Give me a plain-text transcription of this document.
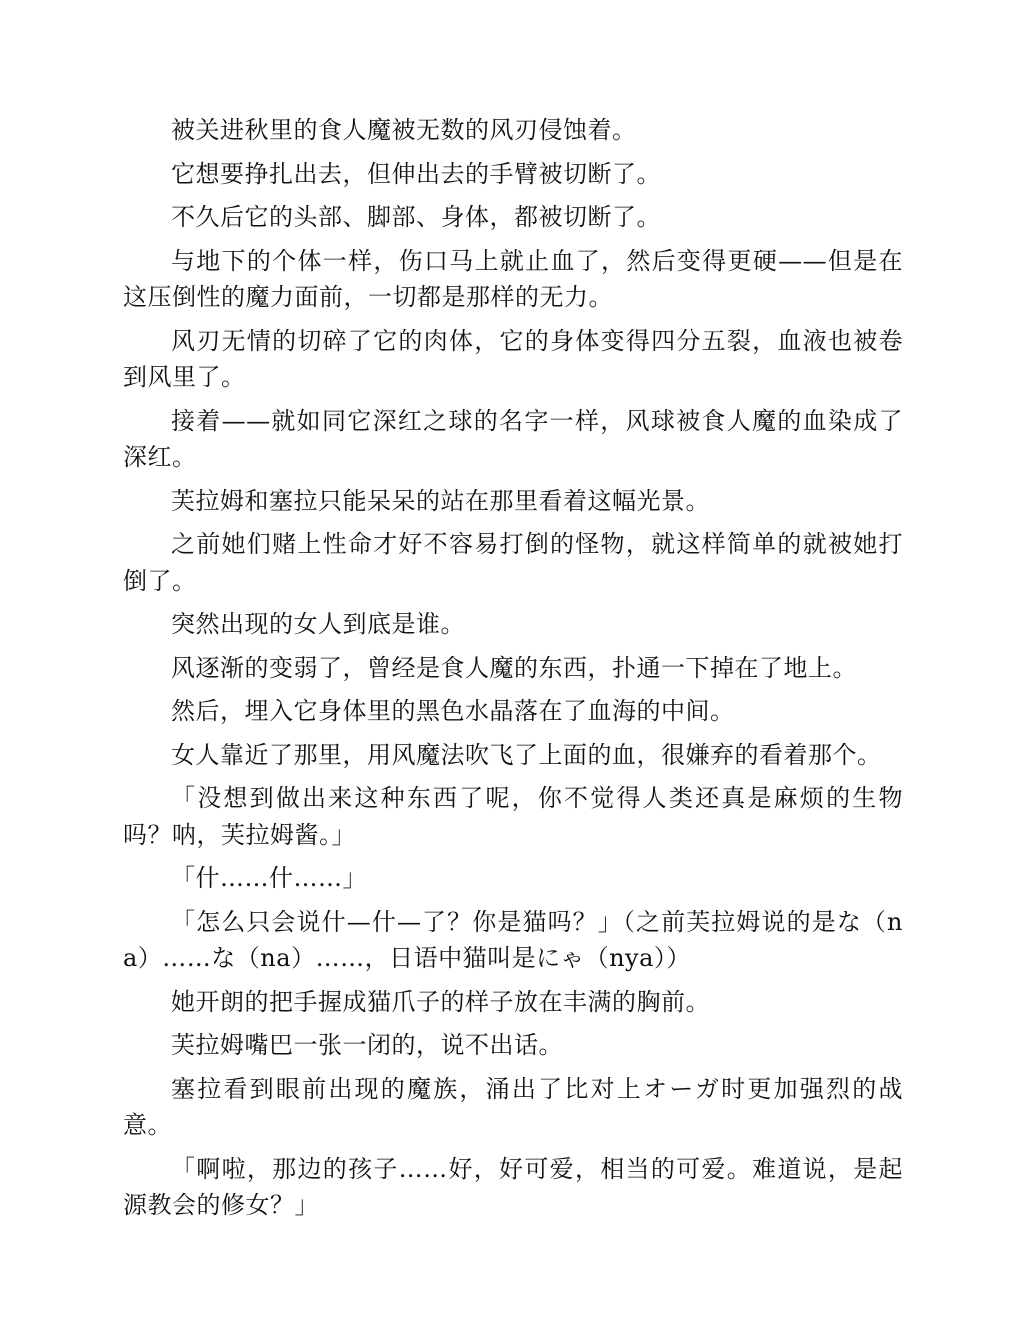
被关进秋里的食人魔被无数的风刃侵蚀着。

它想要挣扎出去，但伸出去的手臂被切断了。

不久后它的头部、脚部、身体，都被切断了。

与地下的个体一样，伤口马上就止血了，然后变得更硬——但是在这压倒性的魔力面前，一切都是那样的无力。

风刃无情的切碎了它的肉体，它的身体变得四分五裂，血液也被卷到风里了。

接着——就如同它深红之球的名字一样，风球被食人魔的血染成了深红。

芙拉姆和塞拉只能呆呆的站在那里看着这幅光景。

之前她们赌上性命才好不容易打倒的怪物，就这样简单的就被她打倒了。

突然出现的女人到底是谁。

风逐渐的变弱了，曾经是食人魔的东西，扑通一下掉在了地上。

然后，埋入它身体里的黑色水晶落在了血海的中间。

女人靠近了那里，用风魔法吹飞了上面的血，很嫌弃的看着那个。

「没想到做出来这种东西了呢，你不觉得人类还真是麻烦的生物吗？呐，芙拉姆酱。」

「什……什……」

「怎么只会说什—什—了？你是猫吗？」（之前芙拉姆说的是な（na）……な（na）……，日语中猫叫是にゃ（nya））

她开朗的把手握成猫爪子的样子放在丰满的胸前。

芙拉姆嘴巴一张一闭的，说不出话。

塞拉看到眼前出现的魔族，涌出了比对上オーガ时更加强烈的战意。

「啊啦，那边的孩子……好，好可爱，相当的可爱。难道说，是起源教会的修女？」
